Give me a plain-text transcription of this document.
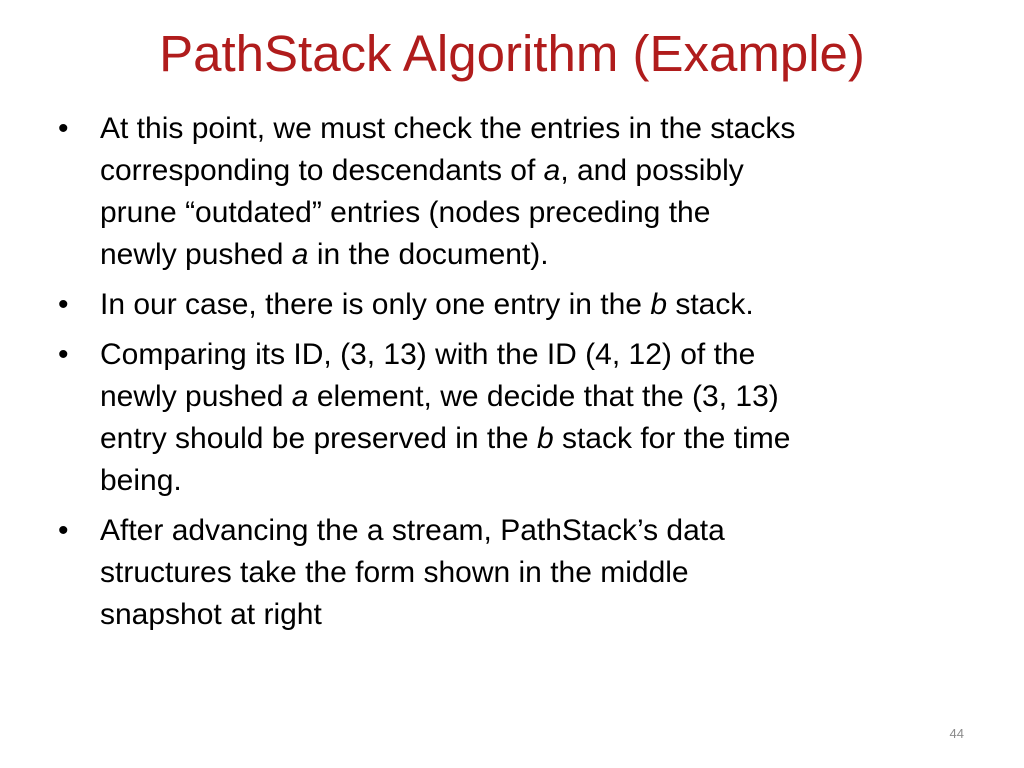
PathStack Algorithm (Example)
•	At this point, we must check the entries in the stacks
corresponding to descendants of a, and possibly
prune “outdated” entries (nodes preceding the
newly pushed a in the document).
•	In our case, there is only one entry in the b stack.
•	Comparing its ID, (3, 13) with the ID (4, 12) of the
newly pushed a element, we decide that the (3, 13)
entry should be preserved in the b stack for the time
being.
•	After advancing the a stream, PathStack’s data
structures take the form shown in the middle
snapshot at right
44
